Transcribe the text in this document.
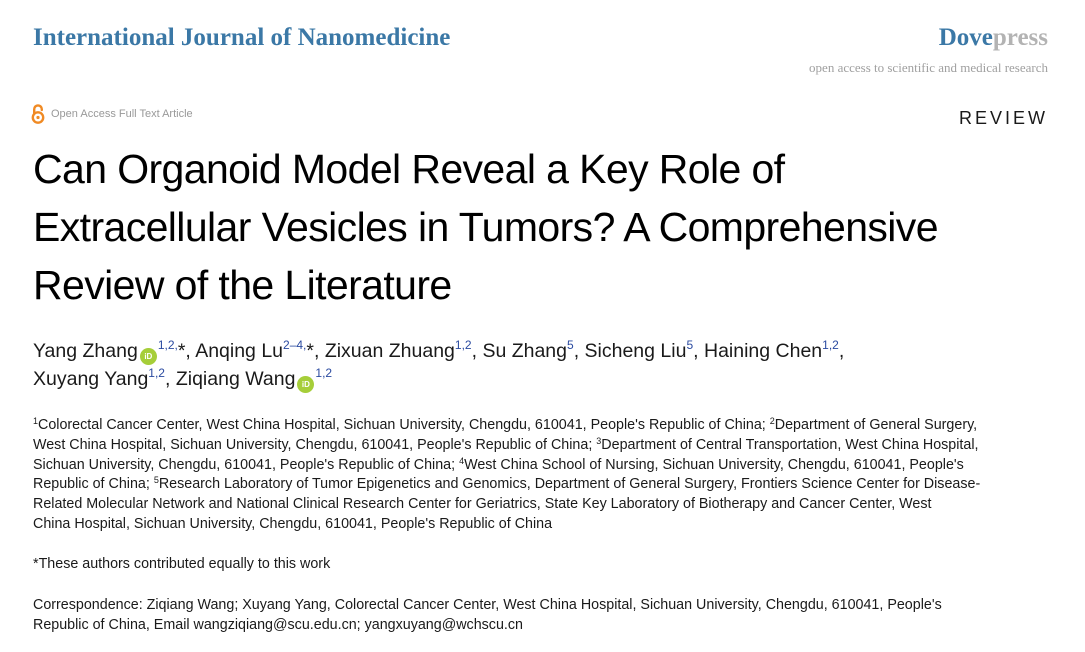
International Journal of Nanomedicine	Dovepress
open access to scientific and medical research
Open Access Full Text Article	REVIEW
Can Organoid Model Reveal a Key Role of
Extracellular Vesicles in Tumors? A Comprehensive
Review of the Literature
Yang Zhang $iD^{1,2,}*$, Anqing $Lu^{2-4,}*$, Zixuan Zhuang$^{1,2}$, Su Zhang$^5$, Sicheng Liu$^5$, Haining Chen$^{1,2}$,
Xuyang Yang$^{1,2}$, Ziqiang Wang iD$^{1,2}$
$^1$Colorectal Cancer Center, West China Hospital, Sichuan University, Chengdu, 610041, People's Republic of China; $^2$Department of General Surgery,
West China Hospital, Sichuan University, Chengdu, 610041, People's Republic of China; $^3$Department of Central Transportation, West China Hospital,
Sichuan University, Chengdu, 610041, People's Republic of China; $^4$West China School of Nursing, Sichuan University, Chengdu, 610041, People's
Republic of China; $^5$Research Laboratory of Tumor Epigenetics and Genomics, Department of General Surgery, Frontiers Science Center for Disease-
Related Molecular Network and National Clinical Research Center for Geriatrics, State Key Laboratory of Biotherapy and Cancer Center, West
China Hospital, Sichuan University, Chengdu, 610041, People's Republic of China
*These authors contributed equally to this work
Correspondence: Ziqiang Wang; Xuyang Yang, Colorectal Cancer Center, West China Hospital, Sichuan University, Chengdu, 610041, People's
Republic of China, Email wangziqiang@scu.edu.cn; yangxuyang@wchscu.cn
